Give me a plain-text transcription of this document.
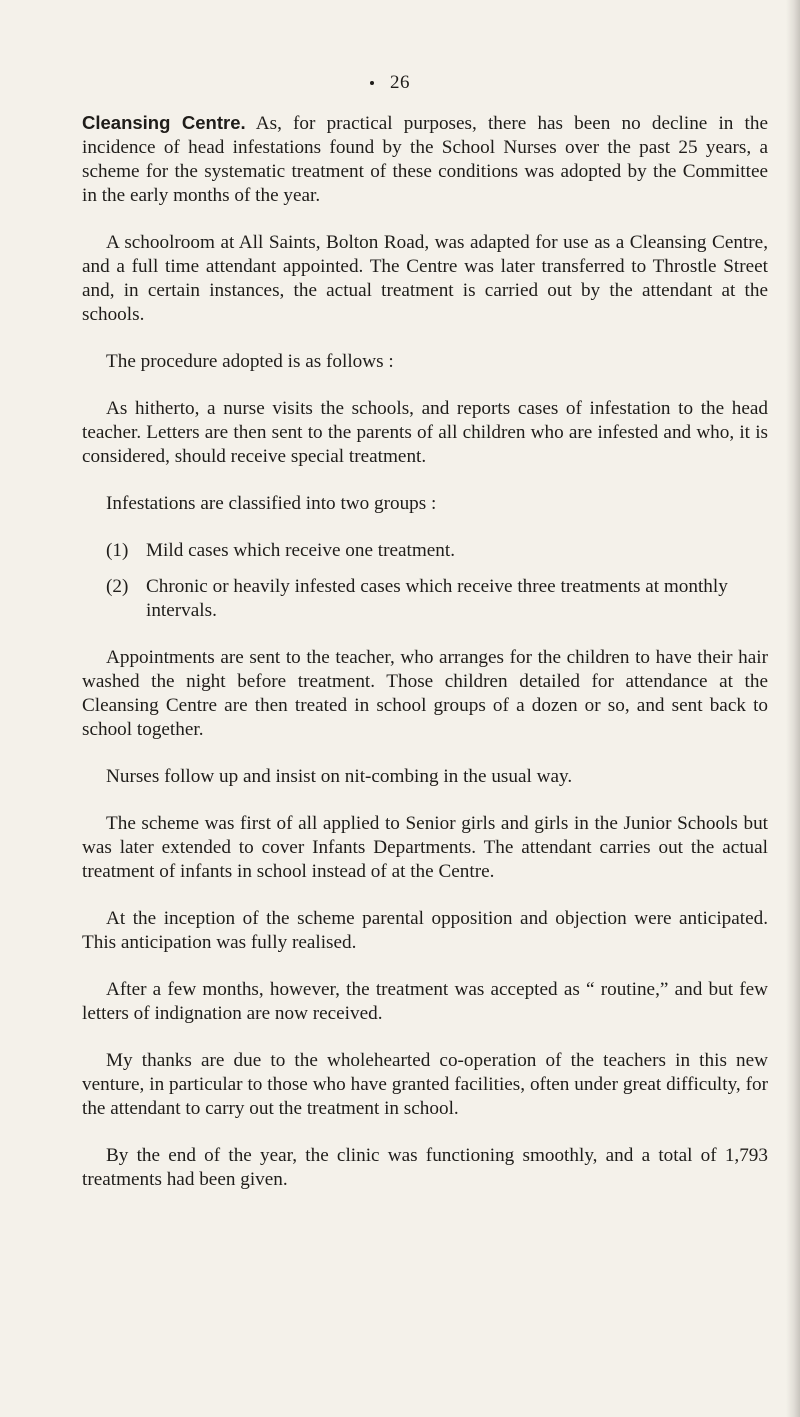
26

Cleansing Centre. As, for practical purposes, there has been no decline in the incidence of head infestations found by the School Nurses over the past 25 years, a scheme for the systematic treatment of these conditions was adopted by the Committee in the early months of the year.

A schoolroom at All Saints, Bolton Road, was adapted for use as a Cleansing Centre, and a full time attendant appointed. The Centre was later transferred to Throstle Street and, in certain instances, the actual treatment is carried out by the attendant at the schools.

The procedure adopted is as follows :

As hitherto, a nurse visits the schools, and reports cases of infestation to the head teacher. Letters are then sent to the parents of all children who are infested and who, it is considered, should receive special treatment.

Infestations are classified into two groups :

(1) Mild cases which receive one treatment.
(2) Chronic or heavily infested cases which receive three treatments at monthly intervals.

Appointments are sent to the teacher, who arranges for the children to have their hair washed the night before treatment. Those children detailed for attendance at the Cleansing Centre are then treated in school groups of a dozen or so, and sent back to school together.

Nurses follow up and insist on nit-combing in the usual way.

The scheme was first of all applied to Senior girls and girls in the Junior Schools but was later extended to cover Infants Departments. The attendant carries out the actual treatment of infants in school instead of at the Centre.

At the inception of the scheme parental opposition and objection were anticipated. This anticipation was fully realised.

After a few months, however, the treatment was accepted as “ routine,” and but few letters of indignation are now received.

My thanks are due to the wholehearted co-operation of the teachers in this new venture, in particular to those who have granted facilities, often under great difficulty, for the attendant to carry out the treatment in school.

By the end of the year, the clinic was functioning smoothly, and a total of 1,793 treatments had been given.
